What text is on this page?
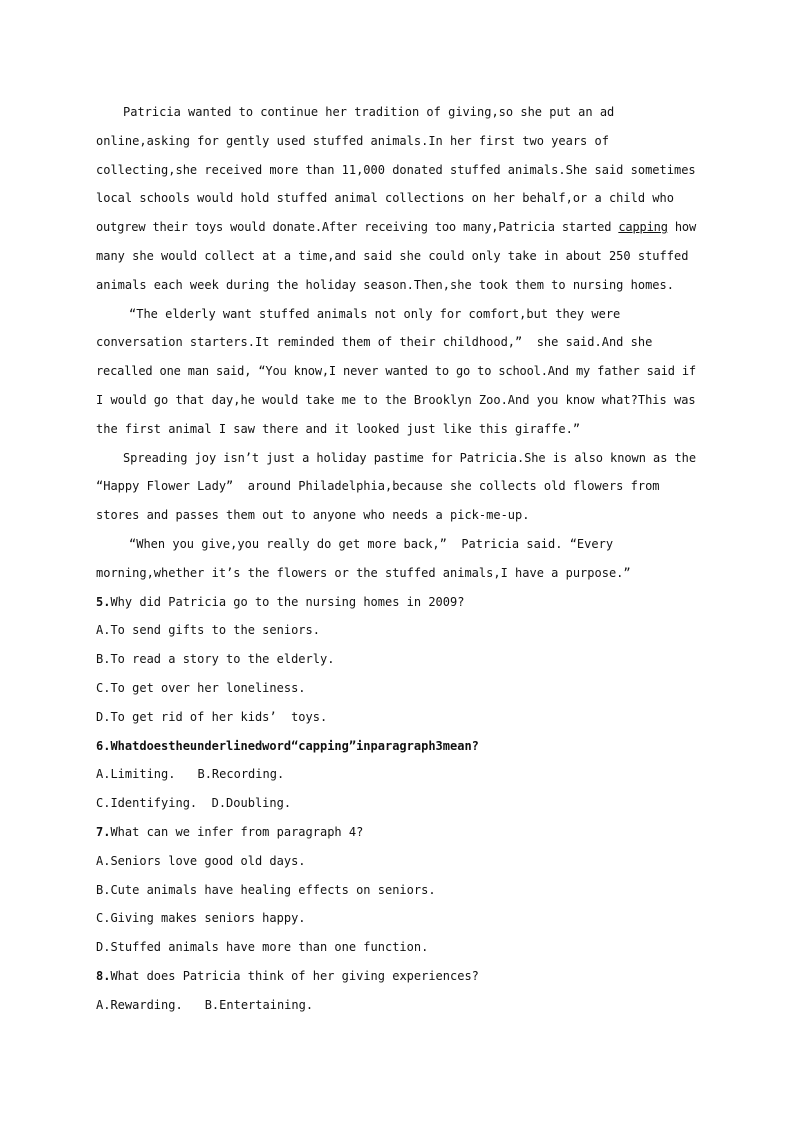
Patricia wanted to continue her tradition of giving,so she put an ad
online,asking for gently used stuffed animals.In her first two years of
collecting,she received more than 11,000 donated stuffed animals.She said sometimes
local schools would hold stuffed animal collections on her behalf,or a child who
outgrew their toys would donate.After receiving too many,Patricia started capping how
many she would collect at a time,and said she could only take in about 250 stuffed
animals each week during the holiday season.Then,she took them to nursing homes.
“The elderly want stuffed animals not only for comfort,but they were
conversation starters.It reminded them of their childhood,”  she said.And she
recalled one man said, “You know,I never wanted to go to school.And my father said if
I would go that day,he would take me to the Brooklyn Zoo.And you know what?This was
the first animal I saw there and it looked just like this giraffe.”
Spreading joy isn’t just a holiday pastime for Patricia.She is also known as the
“Happy Flower Lady”  around Philadelphia,because she collects old flowers from
stores and passes them out to anyone who needs a pick-me-up.
“When you give,you really do get more back,”  Patricia said. “Every
morning,whether it’s the flowers or the stuffed animals,I have a purpose.”
5.Why did Patricia go to the nursing homes in 2009?
A.To send gifts to the seniors.
B.To read a story to the elderly.
C.To get over her loneliness.
D.To get rid of her kids’  toys.
6.Whatdoestheunderlinedword“capping”inparagraph3mean?
A.Limiting. B.Recording.
C.Identifying. D.Doubling.
7.What can we infer from paragraph 4?
A.Seniors love good old days.
B.Cute animals have healing effects on seniors.
C.Giving makes seniors happy.
D.Stuffed animals have more than one function.
8.What does Patricia think of her giving experiences?
A.Rewarding. B.Entertaining.
